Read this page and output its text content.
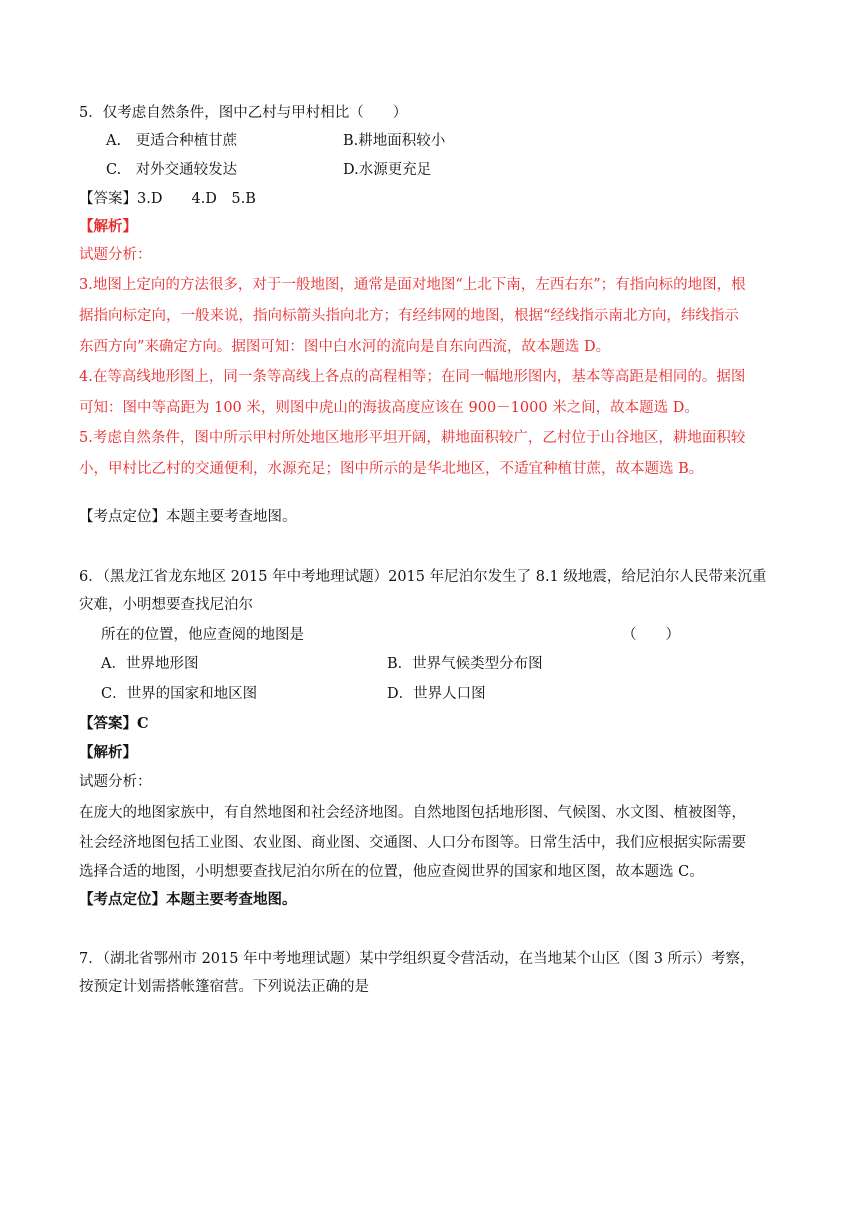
5．仅考虑自然条件，图中乙村与甲村相比（　　）
A.　更适合种植甘蔗	B.耕地面积较小
C.　对外交通较发达	D.水源更充足
【答案】3.D　　4.D　5.B
【解析】
试题分析：
3.地图上定向的方法很多，对于一般地图，通常是面对地图“上北下南，左西右东”；有指向标的地图，根
据指向标定向，一般来说，指向标箭头指向北方；有经纬网的地图，根据“经线指示南北方向，纬线指示
东西方向”来确定方向。据图可知：图中白水河的流向是自东向西流，故本题选 D。
4.在等高线地形图上，同一条等高线上各点的高程相等；在同一幅地形图内，基本等高距是相同的。据图
可知：图中等高距为 100 米，则图中虎山的海拔高度应该在 900－1000 米之间，故本题选 D。
5.考虑自然条件，图中所示甲村所处地区地形平坦开阔，耕地面积较广，乙村位于山谷地区，耕地面积较
小，甲村比乙村的交通便利，水源充足；图中所示的是华北地区，不适宜种植甘蔗，故本题选 B。
【考点定位】本题主要考查地图。
6．（黑龙江省龙东地区 2015 年中考地理试题）2015 年尼泊尔发生了 8.1 级地震，给尼泊尔人民带来沉重
灾难，小明想要查找尼泊尔
所在的位置，他应查阅的地图是	（　　）
A．世界地形图	B．世界气候类型分布图
C．世界的国家和地区图	D．世界人口图
【答案】C
【解析】
试题分析：
在庞大的地图家族中，有自然地图和社会经济地图。自然地图包括地形图、气候图、水文图、植被图等，
社会经济地图包括工业图、农业图、商业图、交通图、人口分布图等。日常生活中，我们应根据实际需要
选择合适的地图，小明想要查找尼泊尔所在的位置，他应查阅世界的国家和地区图，故本题选 C。
【考点定位】本题主要考查地图。
7．（湖北省鄂州市 2015 年中考地理试题）某中学组织夏令营活动，在当地某个山区（图 3 所示）考察，
按预定计划需搭帐篷宿营。下列说法正确的是
